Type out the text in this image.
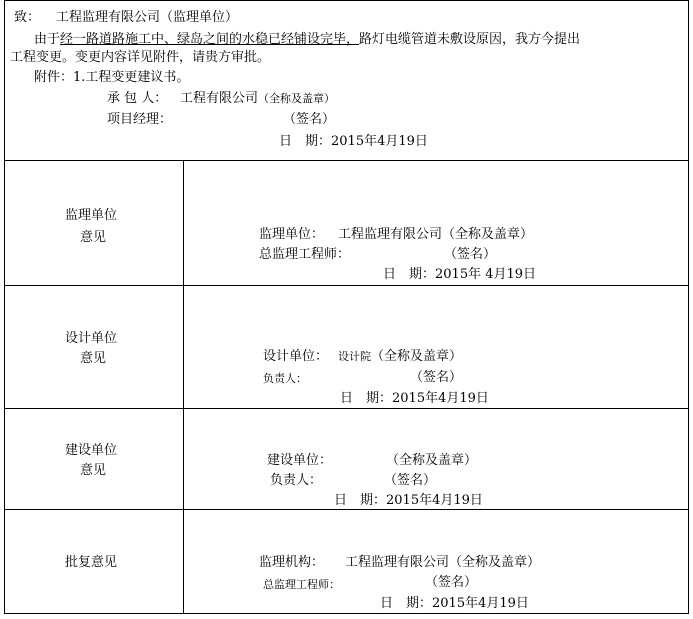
致： 工程监理有限公司（监理单位）
由于经一路道路施工中、绿岛之间的水稳已经铺设完毕，路灯电缆管道未敷设原因，我方今提出
工程变更。变更内容详见附件，请贵方审批。
附件：1.工程变更建议书。
承 包 人： 工程有限公司（全称及盖章）
项目经理：	（签名）
日　期：2015年4月19日
监理单位
意见	监理单位： 工程监理有限公司（全称及盖章）
总监理工程师：	（签名）
日　期：2015年 4月19日
设计单位
意见	设计单位： 设计院（全称及盖章）
负责人：	（签名）
日　期：2015年4月19日
建设单位
意见
建设单位：	（全称及盖章）
负责人：	（签名）
日　期：2015年4月19日
批复意见	监理机构： 工程监理有限公司（全称及盖章）
总监理工程师：	（签名）
日　期：2015年4月19日
